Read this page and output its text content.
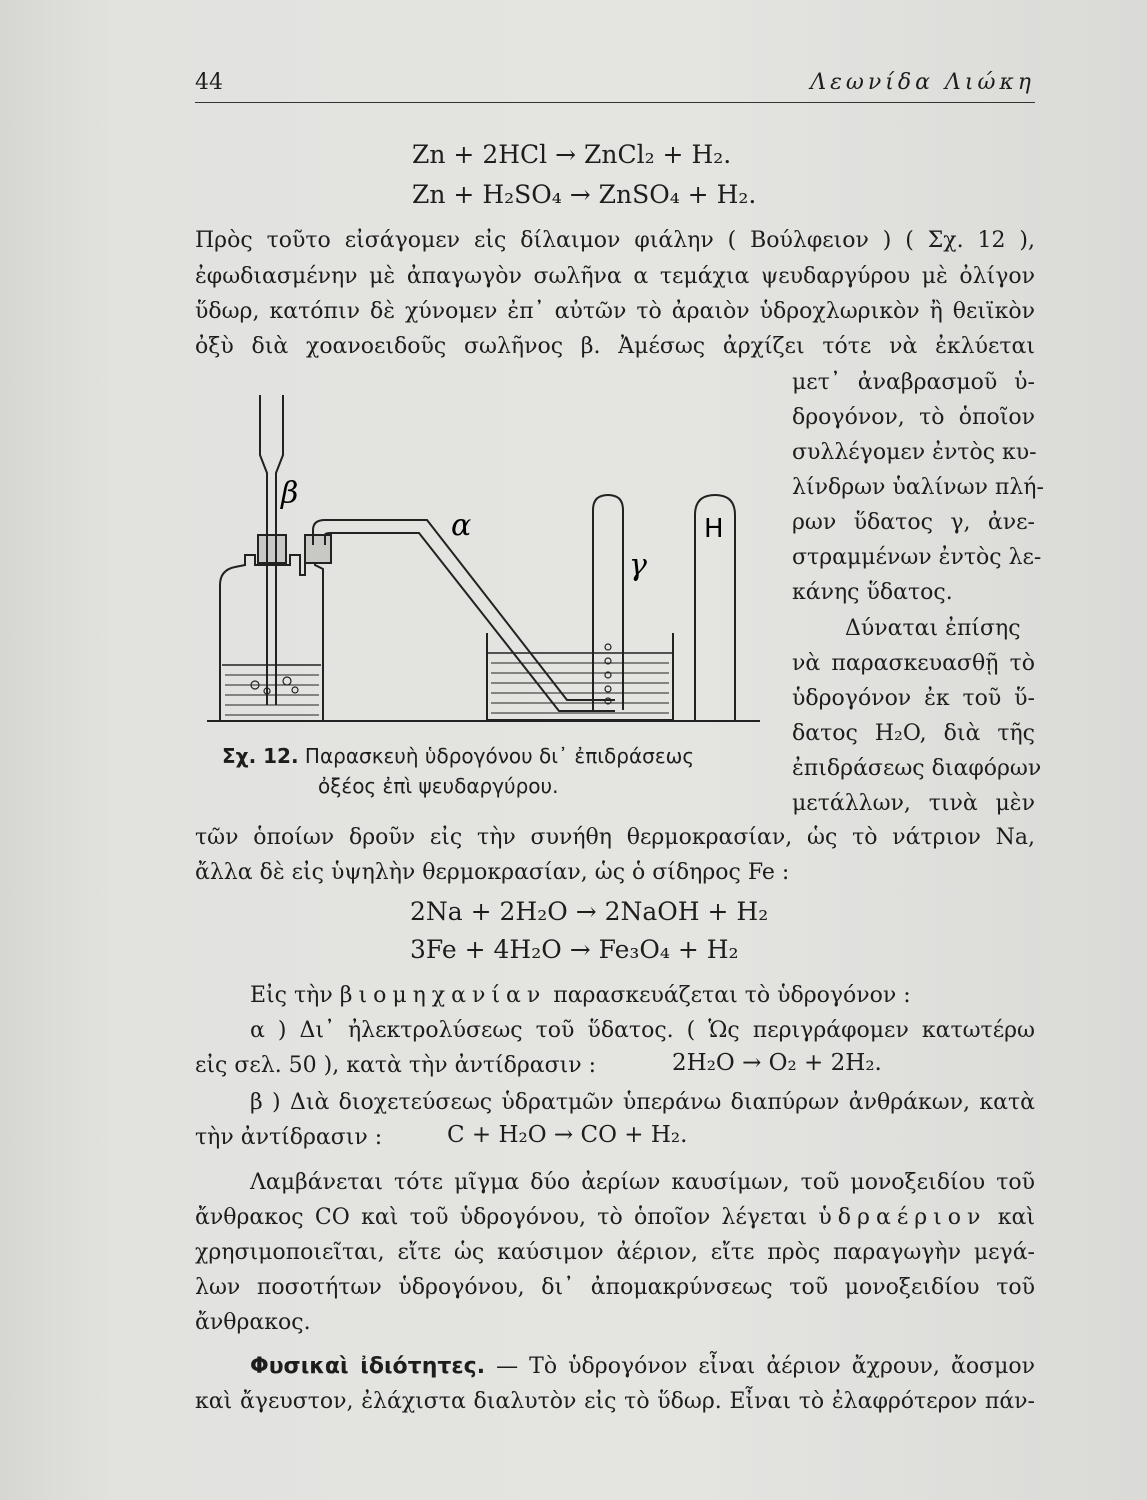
44	Λεωνίδα Λιώκη
Zn + 2HCl → ZnCl₂ + H₂.
Zn + H₂SO₄ → ZnSO₄ + H₂.
Πρὸς τοῦτο εἰσάγομεν εἰς δίλαιμον φιάλην ( Βούλφειον ) ( Σχ. 12 ),
ἐφωδιασμένην μὲ ἀπαγωγὸν σωλῆνα α τεμάχια ψευδαργύρου μὲ ὀλίγον
ὕδωρ, κατόπιν δὲ χύνομεν ἐπ᾽ αὐτῶν τὸ ἀραιὸν ὑδροχλωρικὸν ἢ θειϊκὸν
ὀξὺ διὰ χοανοειδοῦς σωλῆνος β. Ἀμέσως ἀρχίζει τότε νὰ ἐκλύεται
μετ᾽ ἀναβρασμοῦ ὑ-
δρογόνον, τὸ ὁποῖον
συλλέγομεν ἐντὸς κυ-
λίνδρων ὑαλίνων πλή-
ρων ὕδατος γ, ἀνε-
στραμμένων ἐντὸς λε-
κάνης ὕδατος.
Δύναται ἐπίσης
νὰ παρασκευασθῇ τὸ
ὑδρογόνον ἐκ τοῦ ὕ-
δατος H₂O, διὰ τῆς
ἐπιδράσεως διαφόρων
μετάλλων, τινὰ μὲν
β
α
γ
H
Σχ. 12. Παρασκευὴ ὑδρογόνου δι᾽ ἐπιδράσεως
ὀξέος ἐπὶ ψευδαργύρου.
τῶν ὁποίων δροῦν εἰς τὴν συνήθη θερμοκρασίαν, ὡς τὸ νάτριον Na,
ἄλλα δὲ εἰς ὑψηλὴν θερμοκρασίαν, ὡς ὁ σίδηρος Fe :
2Na + 2H₂O → 2NaOH + H₂
3Fe + 4H₂O → Fe₃O₄ + H₂
Εἰς τὴν βιομηχανίαν παρασκευάζεται τὸ ὑδρογόνον :
α ) Δι᾽ ἠλεκτρολύσεως τοῦ ὕδατος. ( Ὡς περιγράφομεν κατωτέρω
εἰς σελ. 50 ), κατὰ τὴν ἀντίδρασιν :	2H₂O → O₂ + 2H₂.
β ) Διὰ διοχετεύσεως ὑδρατμῶν ὑπεράνω διαπύρων ἀνθράκων, κατὰ
τὴν ἀντίδρασιν :	C + H₂O → CO + H₂.
Λαμβάνεται τότε μῖγμα δύο ἀερίων καυσίμων, τοῦ μονοξειδίου τοῦ
ἄνθρακος CO καὶ τοῦ ὑδρογόνου, τὸ ὁποῖον λέγεται ὑδραέριον καὶ
χρησιμοποιεῖται, εἴτε ὡς καύσιμον ἀέριον, εἴτε πρὸς παραγωγὴν μεγά-
λων ποσοτήτων ὑδρογόνου, δι᾽ ἀπομακρύνσεως τοῦ μονοξειδίου τοῦ
ἄνθρακος.
Φυσικαὶ ἰδιότητες. — Τὸ ὑδρογόνον εἶναι ἀέριον ἄχρουν, ἄοσμον
καὶ ἄγευστον, ἐλάχιστα διαλυτὸν εἰς τὸ ὕδωρ. Εἶναι τὸ ἐλαφρότερον πάν-
